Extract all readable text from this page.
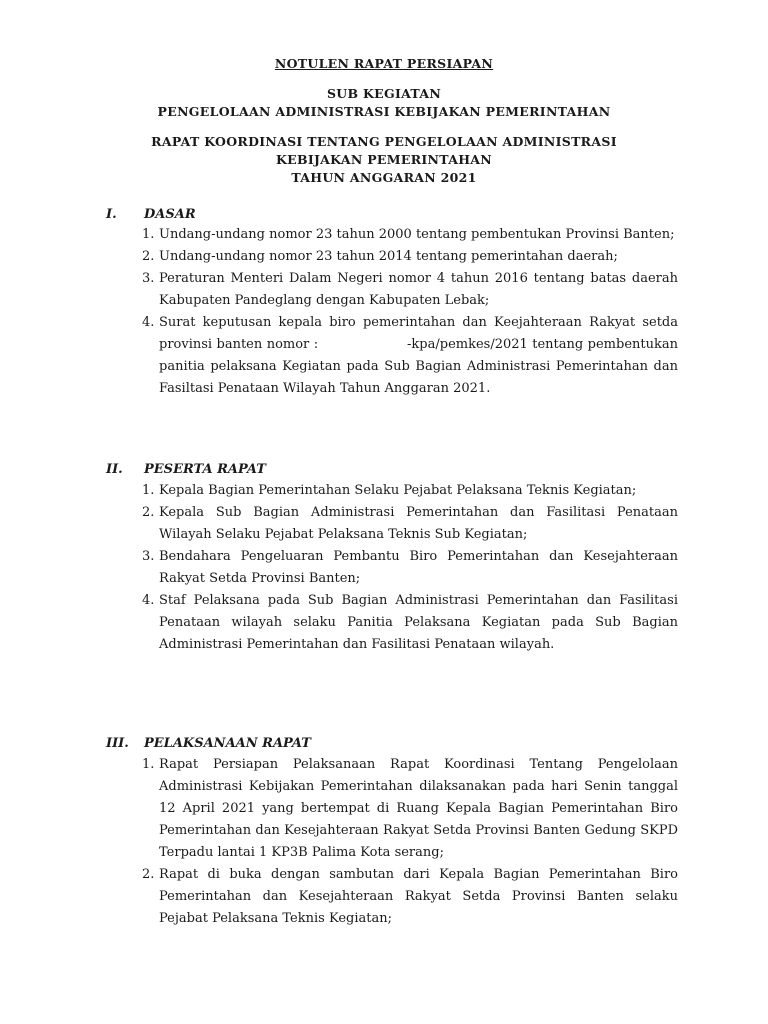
NOTULEN RAPAT PERSIAPAN
SUB KEGIATAN
PENGELOLAAN ADMINISTRASI KEBIJAKAN PEMERINTAHAN
RAPAT KOORDINASI TENTANG PENGELOLAAN ADMINISTRASI
KEBIJAKAN PEMERINTAHAN
TAHUN ANGGARAN 2021
I. DASAR
1. Undang-undang nomor 23 tahun 2000 tentang pembentukan Provinsi Banten;
2. Undang-undang nomor 23 tahun 2014 tentang pemerintahan daerah;
3. Peraturan Menteri Dalam Negeri nomor 4 tahun 2016 tentang batas daerah Kabupaten Pandeglang dengan Kabupaten Lebak;
4. Surat keputusan kepala biro pemerintahan dan Keejahteraan Rakyat setda provinsi banten nomor :                    -kpa/pemkes/2021 tentang pembentukan panitia pelaksana Kegiatan pada Sub Bagian Administrasi Pemerintahan dan Fasiltasi Penataan Wilayah Tahun Anggaran 2021.
II. PESERTA RAPAT
1. Kepala Bagian Pemerintahan Selaku Pejabat Pelaksana Teknis Kegiatan;
2. Kepala Sub Bagian Administrasi Pemerintahan dan Fasilitasi Penataan Wilayah Selaku Pejabat Pelaksana Teknis Sub Kegiatan;
3. Bendahara Pengeluaran Pembantu Biro Pemerintahan dan Kesejahteraan Rakyat Setda Provinsi Banten;
4. Staf Pelaksana pada Sub Bagian Administrasi Pemerintahan dan Fasilitasi Penataan wilayah selaku Panitia Pelaksana Kegiatan pada Sub Bagian Administrasi Pemerintahan dan Fasilitasi Penataan wilayah.
III. PELAKSANAAN RAPAT
1. Rapat Persiapan Pelaksanaan Rapat Koordinasi Tentang Pengelolaan Administrasi Kebijakan Pemerintahan dilaksanakan pada hari Senin tanggal 12 April 2021 yang bertempat di Ruang Kepala Bagian Pemerintahan Biro Pemerintahan dan Kesejahteraan Rakyat Setda Provinsi Banten Gedung SKPD Terpadu lantai 1 KP3B Palima Kota serang;
2. Rapat di buka dengan sambutan dari Kepala Bagian Pemerintahan Biro Pemerintahan dan Kesejahteraan Rakyat Setda Provinsi Banten selaku Pejabat Pelaksana Teknis Kegiatan;
